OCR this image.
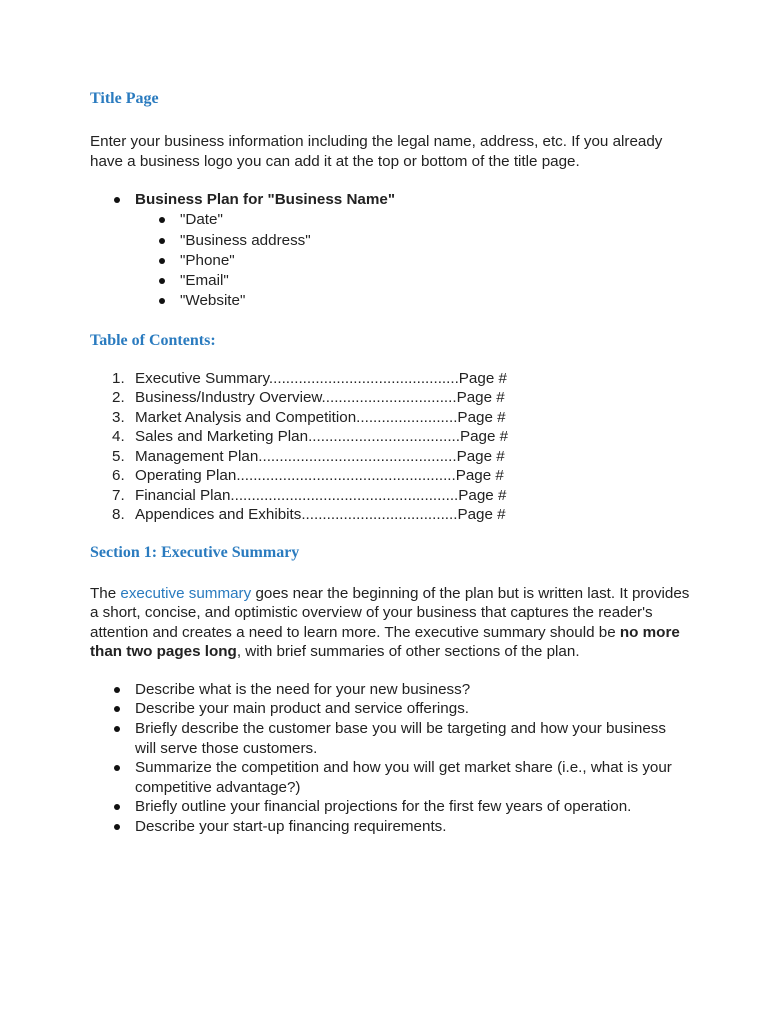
Title Page

Enter your business information including the legal name, address, etc. If you already have a business logo you can add it at the top or bottom of the title page.

Business Plan for "Business Name"
"Date"
"Business address"
"Phone"
"Email"
"Website"
Table of Contents:
1. Executive Summary.............................................Page #
2. Business/Industry Overview................................Page #
3. Market Analysis and Competition........................Page #
4. Sales and Marketing Plan....................................Page #
5. Management Plan...............................................Page #
6. Operating Plan....................................................Page #
7. Financial Plan......................................................Page #
8. Appendices and Exhibits.....................................Page #
Section 1: Executive Summary

The executive summary goes near the beginning of the plan but is written last. It provides a short, concise, and optimistic overview of your business that captures the reader's attention and creates a need to learn more. The executive summary should be no more than two pages long, with brief summaries of other sections of the plan.

Describe what is the need for your new business?
Describe your main product and service offerings.
Briefly describe the customer base you will be targeting and how your business will serve those customers.
Summarize the competition and how you will get market share (i.e., what is your competitive advantage?)
Briefly outline your financial projections for the first few years of operation.
Describe your start-up financing requirements.
